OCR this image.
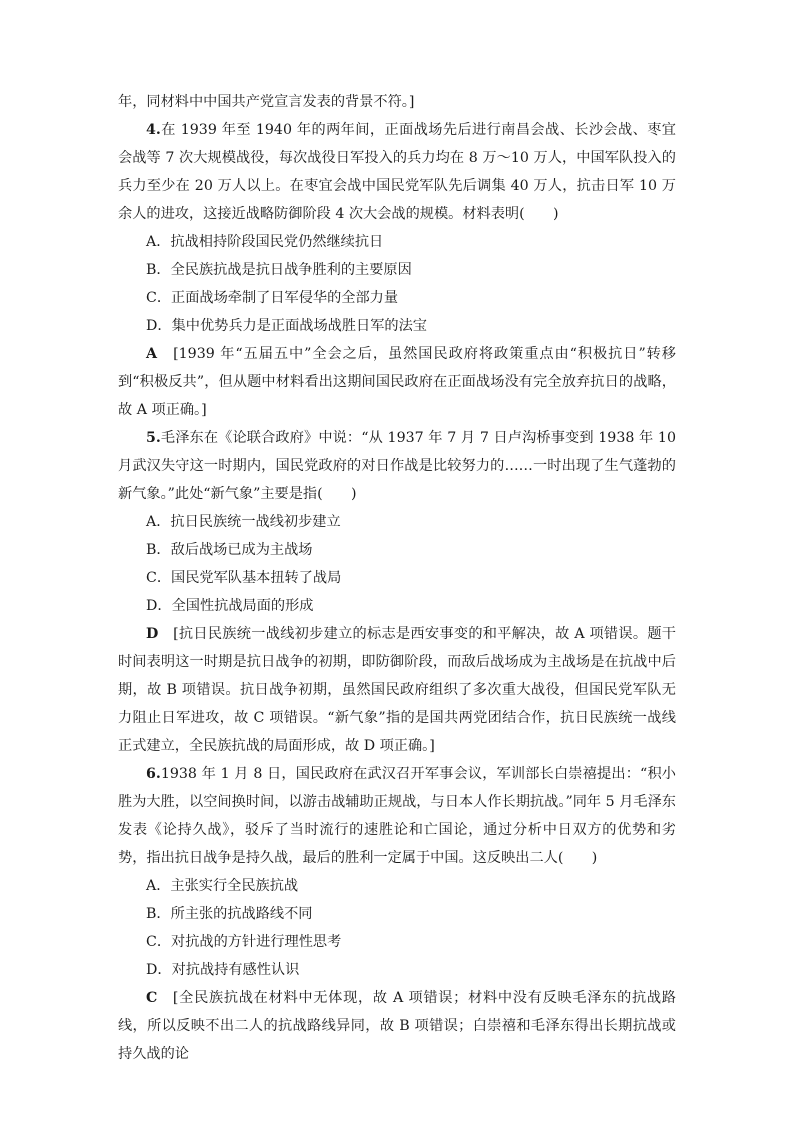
年，同材料中中国共产党宣言发表的背景不符。]

4.在 1939 年至 1940 年的两年间，正面战场先后进行南昌会战、长沙会战、枣宜会战等 7 次大规模战役，每次战役日军投入的兵力均在 8 万～10 万人，中国军队投入的兵力至少在 20 万人以上。在枣宜会战中国民党军队先后调集 40 万人，抗击日军 10 万余人的进攻，这接近战略防御阶段 4 次大会战的规模。材料表明(　　)

A．抗战相持阶段国民党仍然继续抗日

B．全民族抗战是抗日战争胜利的主要原因

C．正面战场牵制了日军侵华的全部力量

D．集中优势兵力是正面战场战胜日军的法宝

A　 [1939 年“五届五中”全会之后，虽然国民政府将政策重点由“积极抗日”转移到“积极反共”，但从题中材料看出这期间国民政府在正面战场没有完全放弃抗日的战略，故 A 项正确。]

5.毛泽东在《论联合政府》中说：“从 1937 年 7 月 7 日卢沟桥事变到 1938 年 10 月武汉失守这一时期内，国民党政府的对日作战是比较努力的……一时出现了生气蓬勃的新气象。”此处“新气象”主要是指(　　)

A．抗日民族统一战线初步建立

B．敌后战场已成为主战场

C．国民党军队基本扭转了战局

D．全国性抗战局面的形成

D　 [抗日民族统一战线初步建立的标志是西安事变的和平解决，故 A 项错误。题干时间表明这一时期是抗日战争的初期，即防御阶段，而敌后战场成为主战场是在抗战中后期，故 B 项错误。抗日战争初期，虽然国民政府组织了多次重大战役，但国民党军队无力阻止日军进攻，故 C 项错误。“新气象”指的是国共两党团结合作，抗日民族统一战线正式建立，全民族抗战的局面形成，故 D 项正确。]

6.1938 年 1 月 8 日，国民政府在武汉召开军事会议，军训部长白崇禧提出：“积小胜为大胜，以空间换时间，以游击战辅助正规战，与日本人作长期抗战。”同年 5 月毛泽东发表《论持久战》，驳斥了当时流行的速胜论和亡国论，通过分析中日双方的优势和劣势，指出抗日战争是持久战，最后的胜利一定属于中国。这反映出二人(　　)

A．主张实行全民族抗战

B．所主张的抗战路线不同

C．对抗战的方针进行理性思考

D．对抗战持有感性认识

C　 [全民族抗战在材料中无体现，故 A 项错误；材料中没有反映毛泽东的抗战路线，所以反映不出二人的抗战路线异同，故 B 项错误；白崇禧和毛泽东得出长期抗战或持久战的论
